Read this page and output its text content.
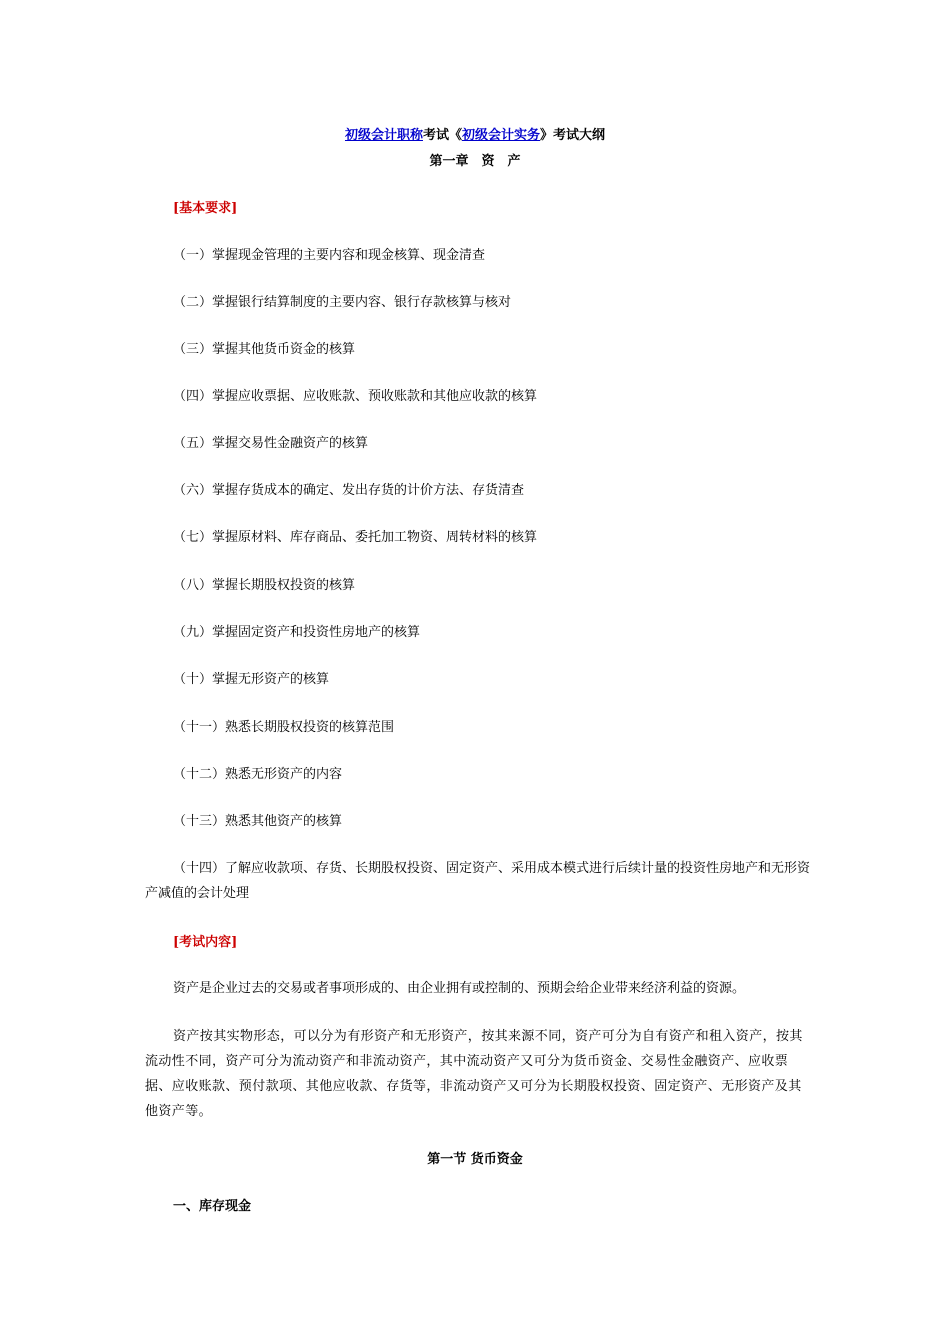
初级会计职称考试《初级会计实务》考试大纲
第一章　资　产
[基本要求]
（一）掌握现金管理的主要内容和现金核算、现金清查
（二）掌握银行结算制度的主要内容、银行存款核算与核对
（三）掌握其他货币资金的核算
（四）掌握应收票据、应收账款、预收账款和其他应收款的核算
（五）掌握交易性金融资产的核算
（六）掌握存货成本的确定、发出存货的计价方法、存货清查
（七）掌握原材料、库存商品、委托加工物资、周转材料的核算
（八）掌握长期股权投资的核算
（九）掌握固定资产和投资性房地产的核算
（十）掌握无形资产的核算
（十一）熟悉长期股权投资的核算范围
（十二）熟悉无形资产的内容
（十三）熟悉其他资产的核算
（十四）了解应收款项、存货、长期股权投资、固定资产、采用成本模式进行后续计量的投资性房地产和无形资产减值的会计处理
[考试内容]
资产是企业过去的交易或者事项形成的、由企业拥有或控制的、预期会给企业带来经济利益的资源。
资产按其实物形态，可以分为有形资产和无形资产，按其来源不同，资产可分为自有资产和租入资产，按其流动性不同，资产可分为流动资产和非流动资产，其中流动资产又可分为货币资金、交易性金融资产、应收票据、应收账款、预付款项、其他应收款、存货等，非流动资产又可分为长期股权投资、固定资产、无形资产及其他资产等。
第一节 货币资金
一、库存现金
